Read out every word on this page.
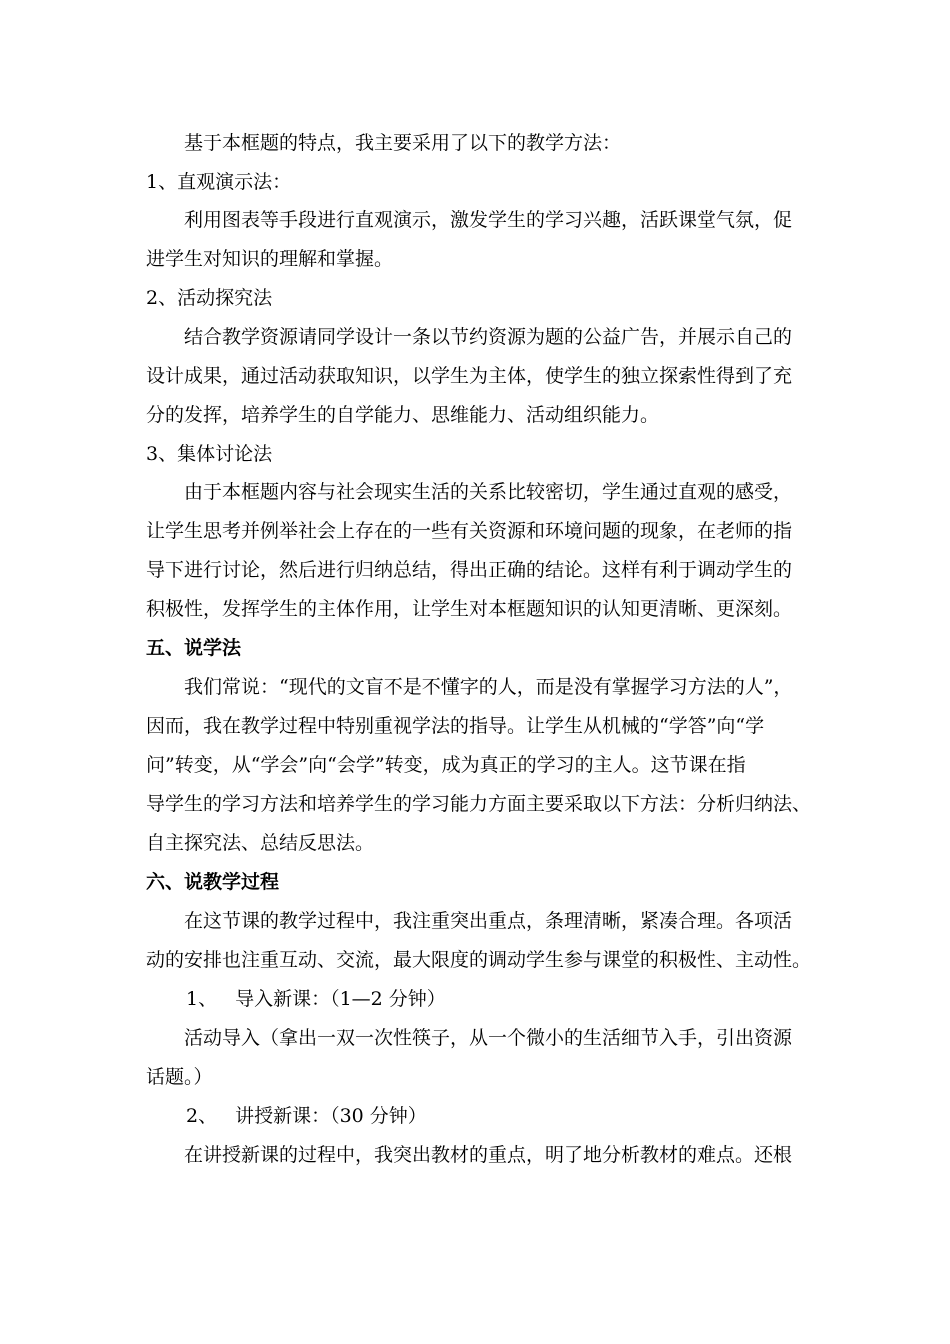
基于本框题的特点，我主要采用了以下的教学方法：
1、直观演示法：
利用图表等手段进行直观演示，激发学生的学习兴趣，活跃课堂气氛，促
进学生对知识的理解和掌握。
2、活动探究法
结合教学资源请同学设计一条以节约资源为题的公益广告，并展示自己的
设计成果，通过活动获取知识，以学生为主体，使学生的独立探索性得到了充
分的发挥，培养学生的自学能力、思维能力、活动组织能力。
3、集体讨论法
由于本框题内容与社会现实生活的关系比较密切，学生通过直观的感受，
让学生思考并例举社会上存在的一些有关资源和环境问题的现象，在老师的指
导下进行讨论，然后进行归纳总结，得出正确的结论。这样有利于调动学生的
积极性，发挥学生的主体作用，让学生对本框题知识的认知更清晰、更深刻。
五、说学法
我们常说：“现代的文盲不是不懂字的人，而是没有掌握学习方法的人”，
因而，我在教学过程中特别重视学法的指导。让学生从机械的“学答”向“学
问”转变，从“学会”向“会学”转变，成为真正的学习的主人。这节课在指
导学生的学习方法和培养学生的学习能力方面主要采取以下方法：分析归纳法、
自主探究法、总结反思法。
六、说教学过程
在这节课的教学过程中，我注重突出重点，条理清晰，紧凑合理。各项活
动的安排也注重互动、交流，最大限度的调动学生参与课堂的积极性、主动性。
1、 导入新课：（1—2 分钟）
活动导入（拿出一双一次性筷子，从一个微小的生活细节入手，引出资源
话题。）
2、 讲授新课：（30 分钟）
在讲授新课的过程中，我突出教材的重点，明了地分析教材的难点。还根
